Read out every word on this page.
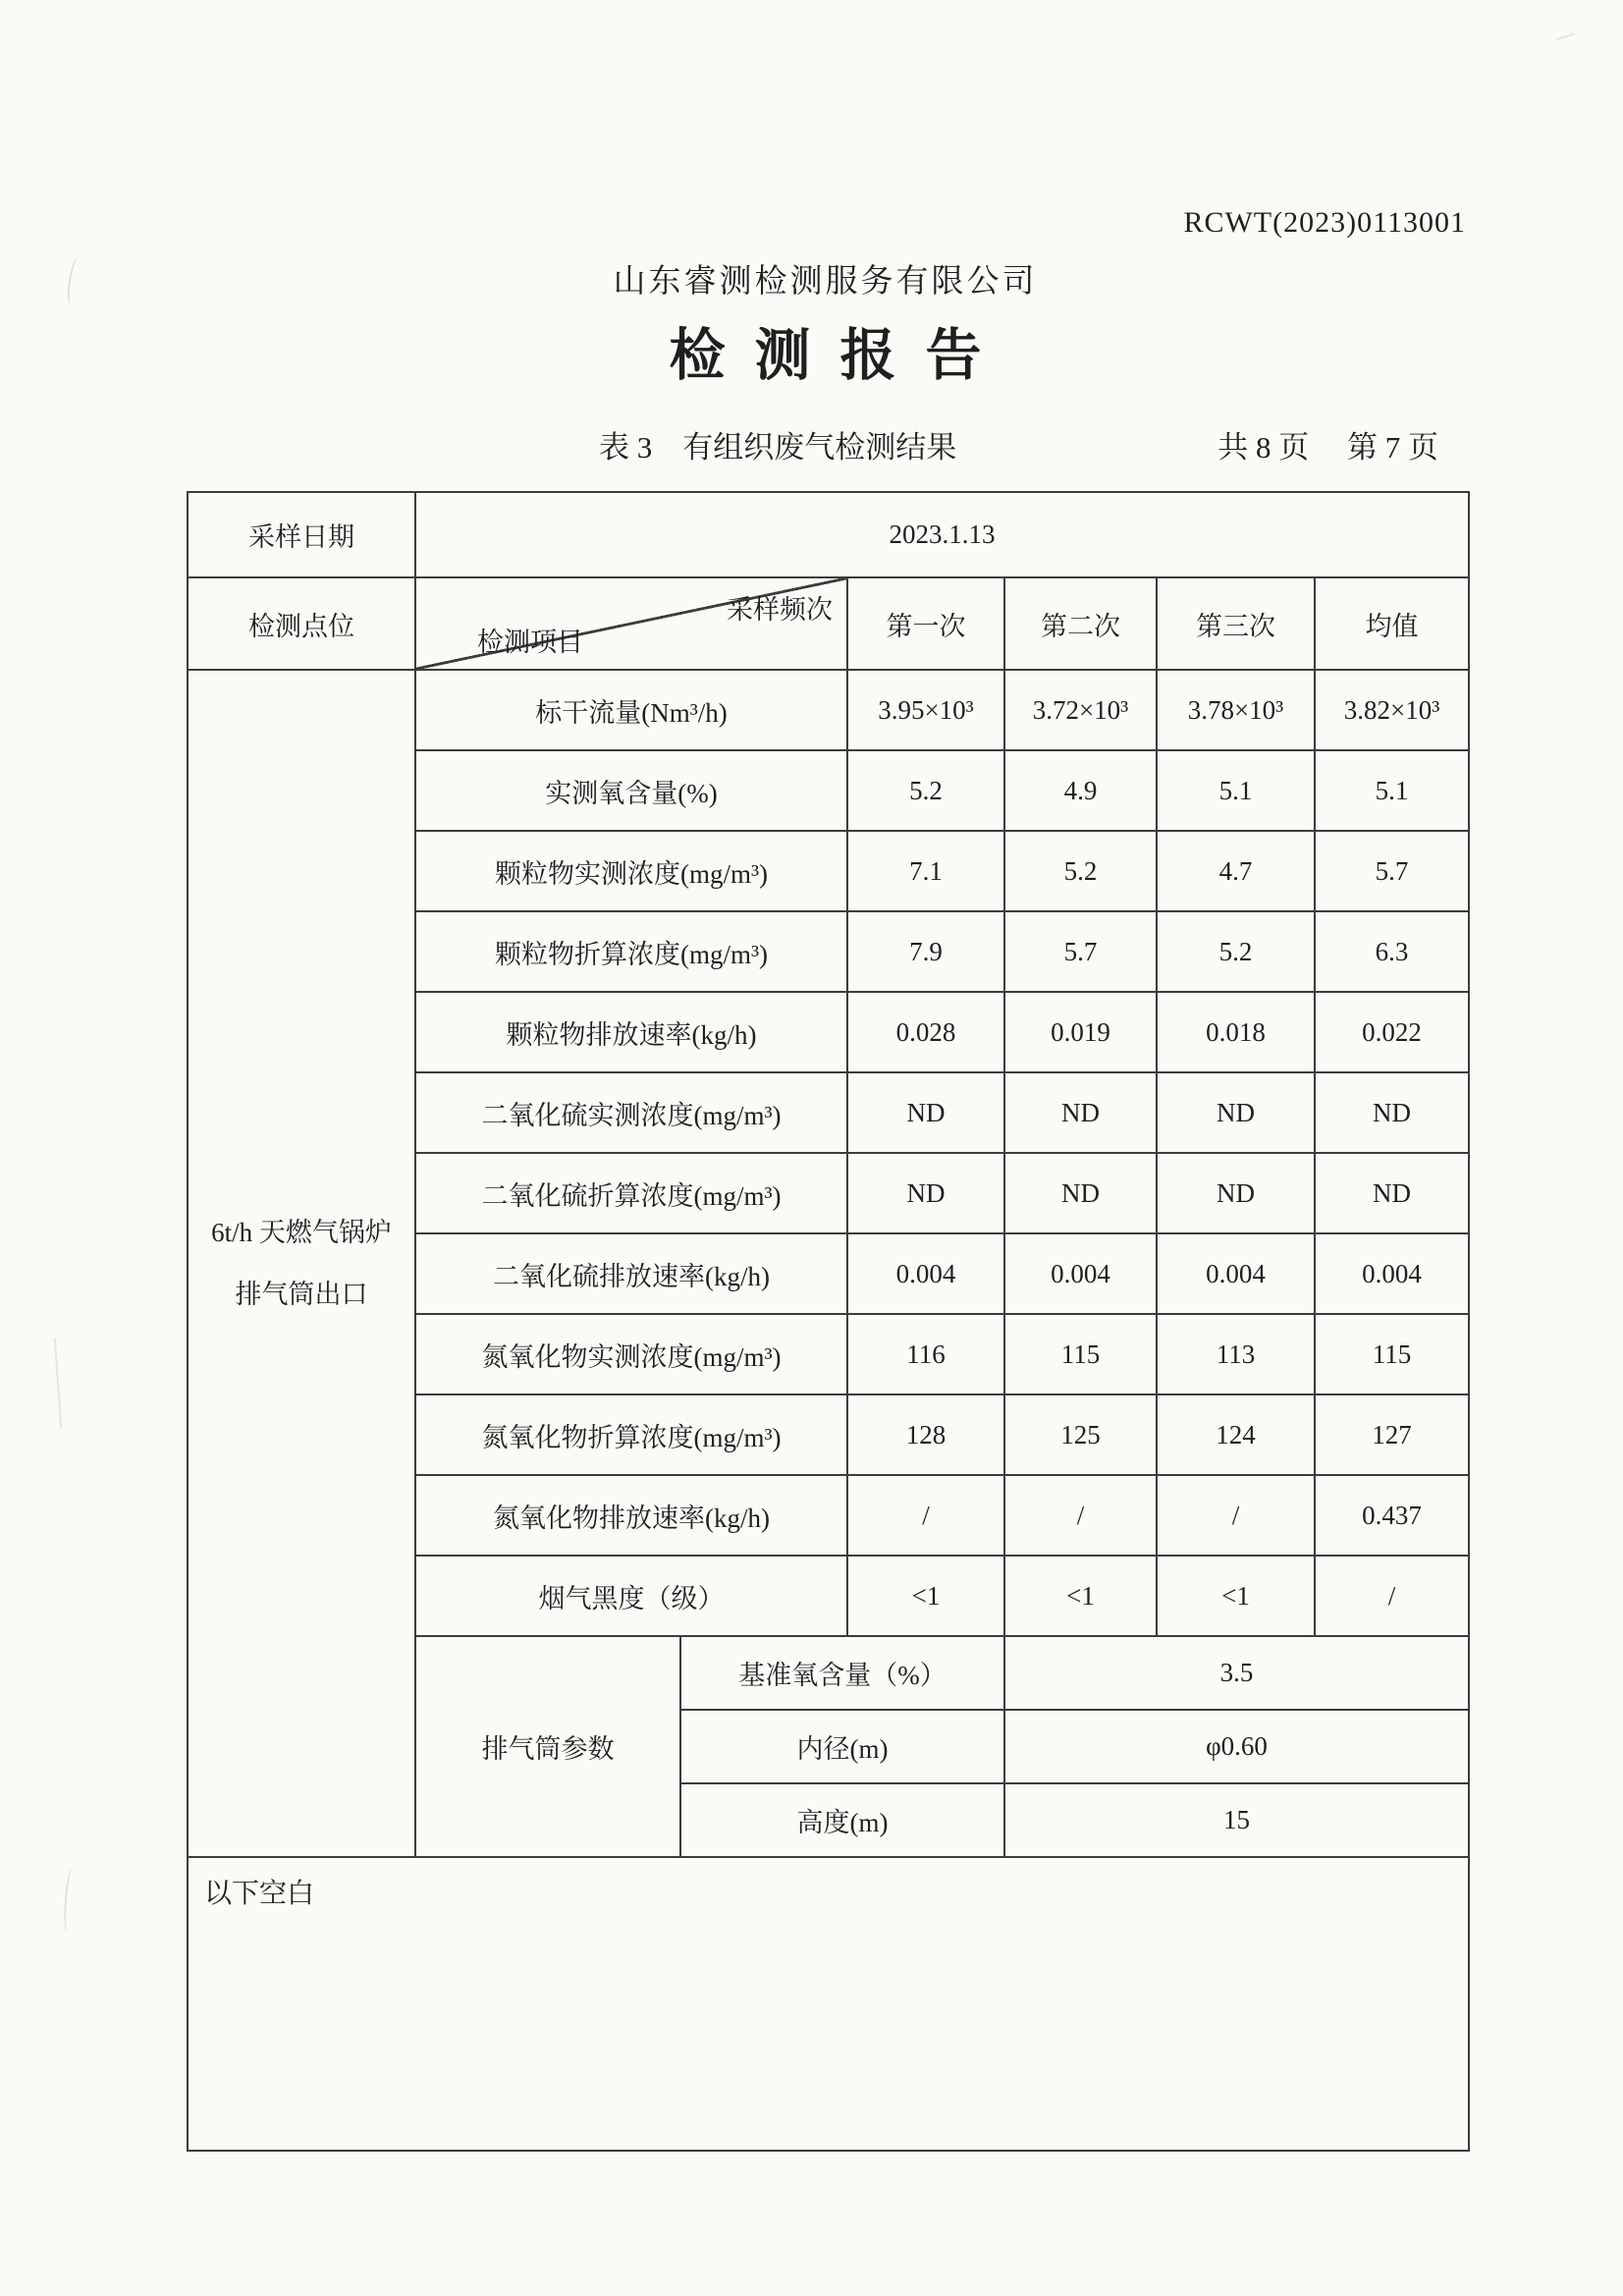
RCWT(2023)0113001
山东睿测检测服务有限公司
检测报告
表 3　有组织废气检测结果	共 8 页　 第 7 页
采样日期	2023.1.13					
检测点位	采样频次
检测项目		第一次	第二次	第三次	均值

6t/h 天燃气锅炉
排气筒出口	标干流量(Nm³/h)		3.95×10³	3.72×10³	3.78×10³	3.82×10³
	实测氧含量(%)		5.2	4.9	5.1	5.1
	颗粒物实测浓度(mg/m³)		7.1	5.2	4.7	5.7
	颗粒物折算浓度(mg/m³)		7.9	5.7	5.2	6.3
	颗粒物排放速率(kg/h)		0.028	0.019	0.018	0.022
	二氧化硫实测浓度(mg/m³)		ND	ND	ND	ND
	二氧化硫折算浓度(mg/m³)		ND	ND	ND	ND
	二氧化硫排放速率(kg/h)		0.004	0.004	0.004	0.004
	氮氧化物实测浓度(mg/m³)		116	115	113	115
	氮氧化物折算浓度(mg/m³)		128	125	124	127
	氮氧化物排放速率(kg/h)		/	/	/	0.437
	烟气黑度（级）		<1	<1	<1	/
	排气筒参数	基准氧含量（%）		3.5		
		内径(m)		φ0.60		
		高度(m)		15		
以下空白						
